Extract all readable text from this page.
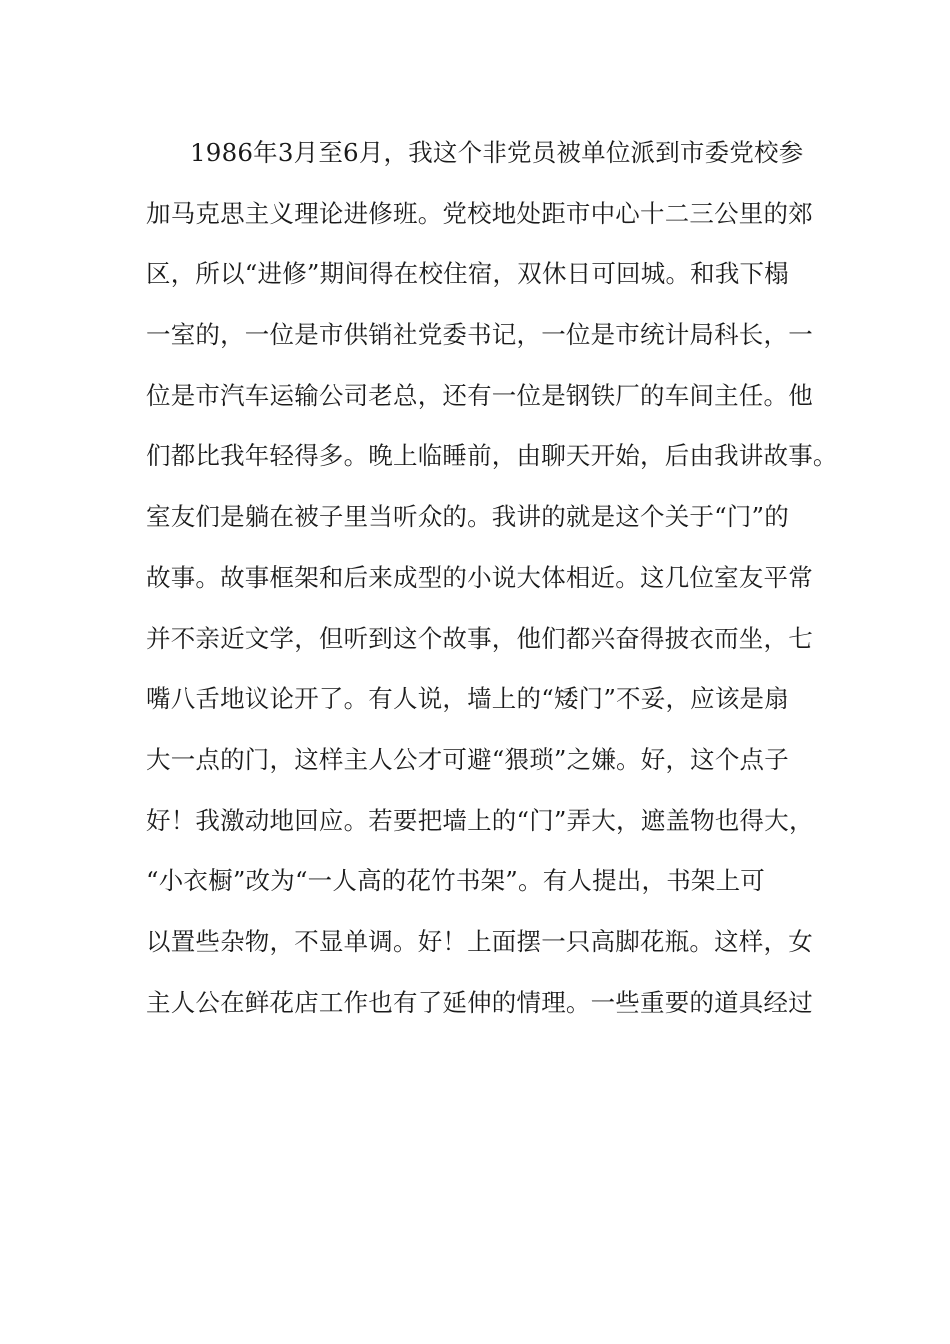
1986年3月至6月，我这个非党员被单位派到市委党校参
加马克思主义理论进修班。党校地处距市中心十二三公里的郊
区，所以“进修”期间得在校住宿，双休日可回城。和我下榻
一室的，一位是市供销社党委书记，一位是市统计局科长，一
位是市汽车运输公司老总，还有一位是钢铁厂的车间主任。他
们都比我年轻得多。晚上临睡前，由聊天开始，后由我讲故事。
室友们是躺在被子里当听众的。我讲的就是这个关于“门”的
故事。故事框架和后来成型的小说大体相近。这几位室友平常
并不亲近文学，但听到这个故事，他们都兴奋得披衣而坐，七
嘴八舌地议论开了。有人说，墙上的“矮门”不妥，应该是扇
大一点的门，这样主人公才可避“猥琐”之嫌。好，这个点子
好！我激动地回应。若要把墙上的“门”弄大，遮盖物也得大，
“小衣橱”改为“一人高的花竹书架”。有人提出，书架上可
以置些杂物，不显单调。好！上面摆一只高脚花瓶。这样，女
主人公在鲜花店工作也有了延伸的情理。一些重要的道具经过
